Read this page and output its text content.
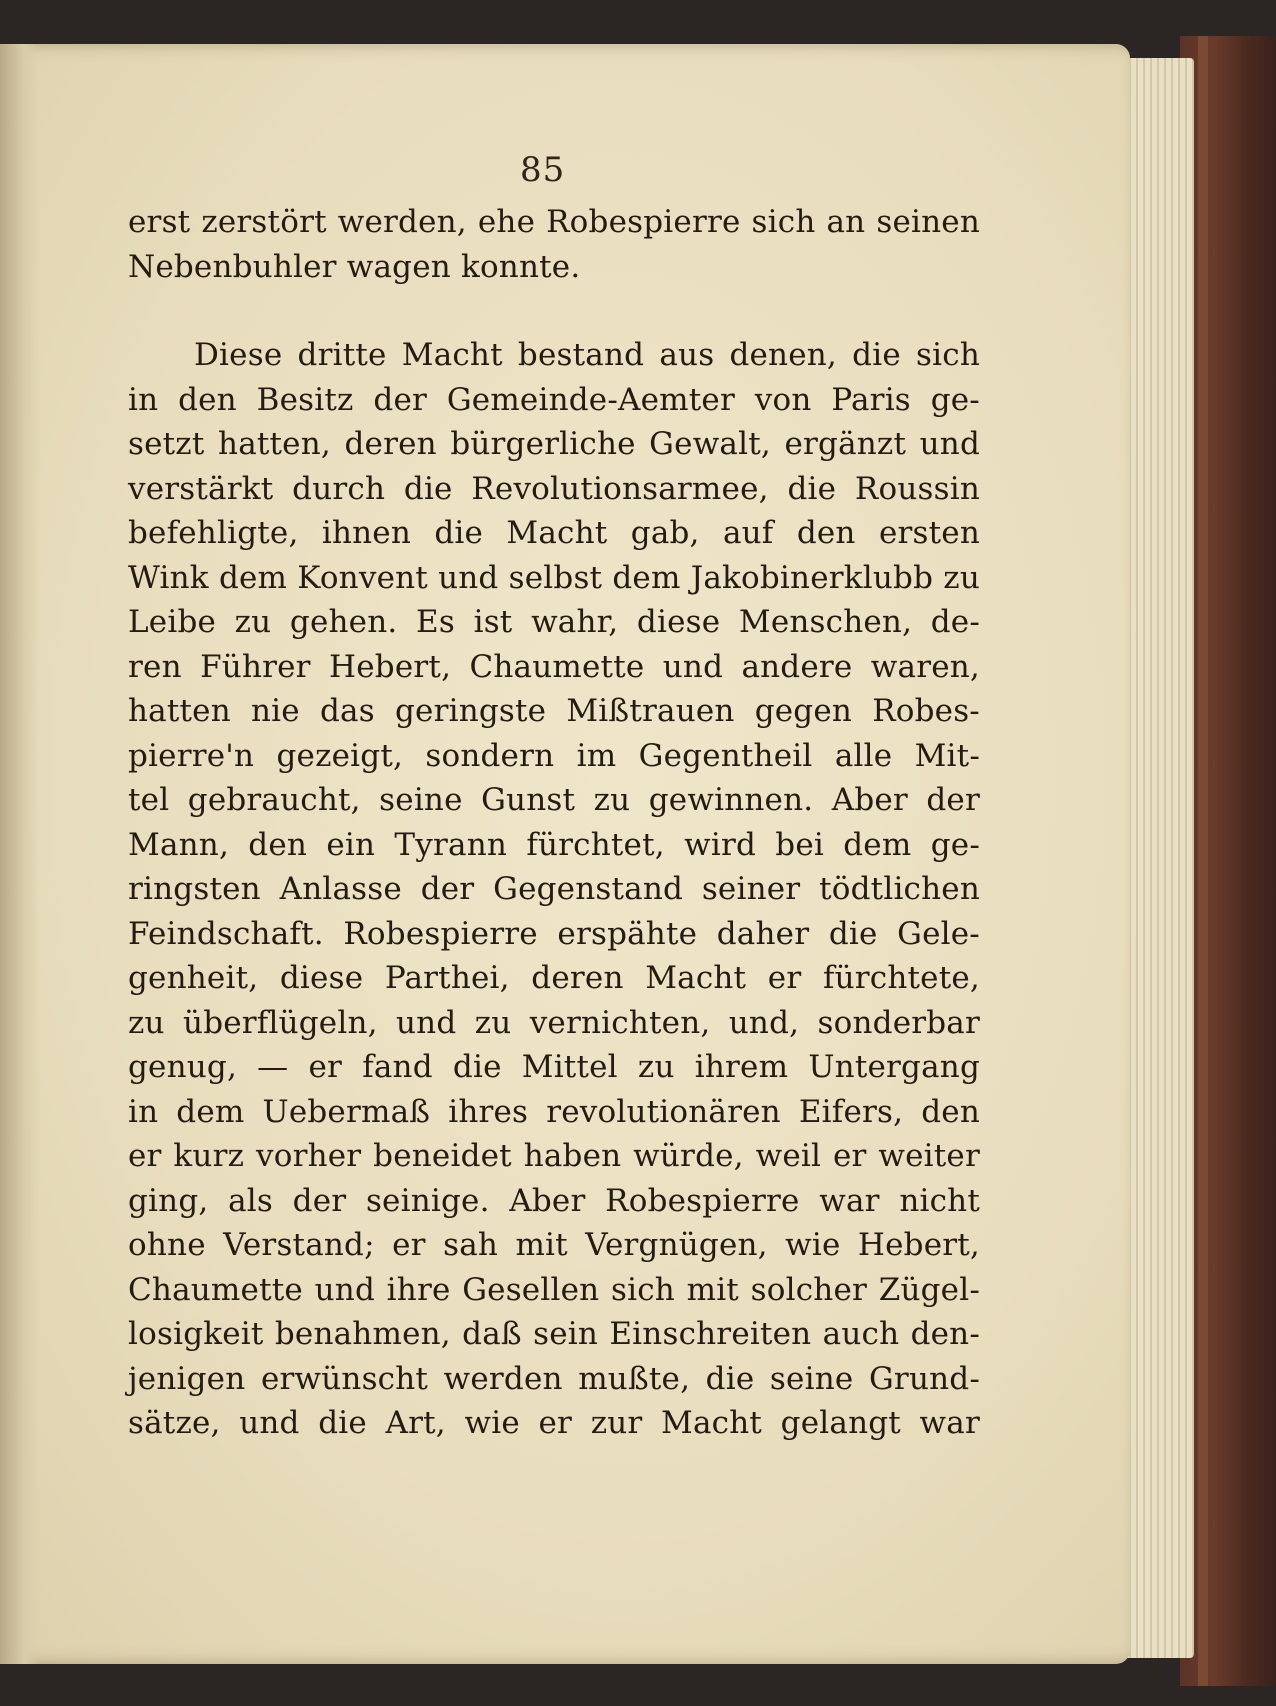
85
erst zerstört werden, ehe Robespierre sich an seinen
Nebenbuhler wagen konnte.
Diese dritte Macht bestand aus denen, die sich
in den Besitz der Gemeinde-Aemter von Paris ge-
setzt hatten, deren bürgerliche Gewalt, ergänzt und
verstärkt durch die Revolutionsarmee, die Roussin
befehligte, ihnen die Macht gab, auf den ersten
Wink dem Konvent und selbst dem Jakobinerklubb zu
Leibe zu gehen. Es ist wahr, diese Menschen, de-
ren Führer Hebert, Chaumette und andere waren,
hatten nie das geringste Mißtrauen gegen Robes-
pierre'n gezeigt, sondern im Gegentheil alle Mit-
tel gebraucht, seine Gunst zu gewinnen. Aber der
Mann, den ein Tyrann fürchtet, wird bei dem ge-
ringsten Anlasse der Gegenstand seiner tödtlichen
Feindschaft. Robespierre erspähte daher die Gele-
genheit, diese Parthei, deren Macht er fürchtete,
zu überflügeln, und zu vernichten, und, sonderbar
genug, — er fand die Mittel zu ihrem Untergang
in dem Uebermaß ihres revolutionären Eifers, den
er kurz vorher beneidet haben würde, weil er weiter
ging, als der seinige. Aber Robespierre war nicht
ohne Verstand; er sah mit Vergnügen, wie Hebert,
Chaumette und ihre Gesellen sich mit solcher Zügel-
losigkeit benahmen, daß sein Einschreiten auch den-
jenigen erwünscht werden mußte, die seine Grund-
sätze, und die Art, wie er zur Macht gelangt war
